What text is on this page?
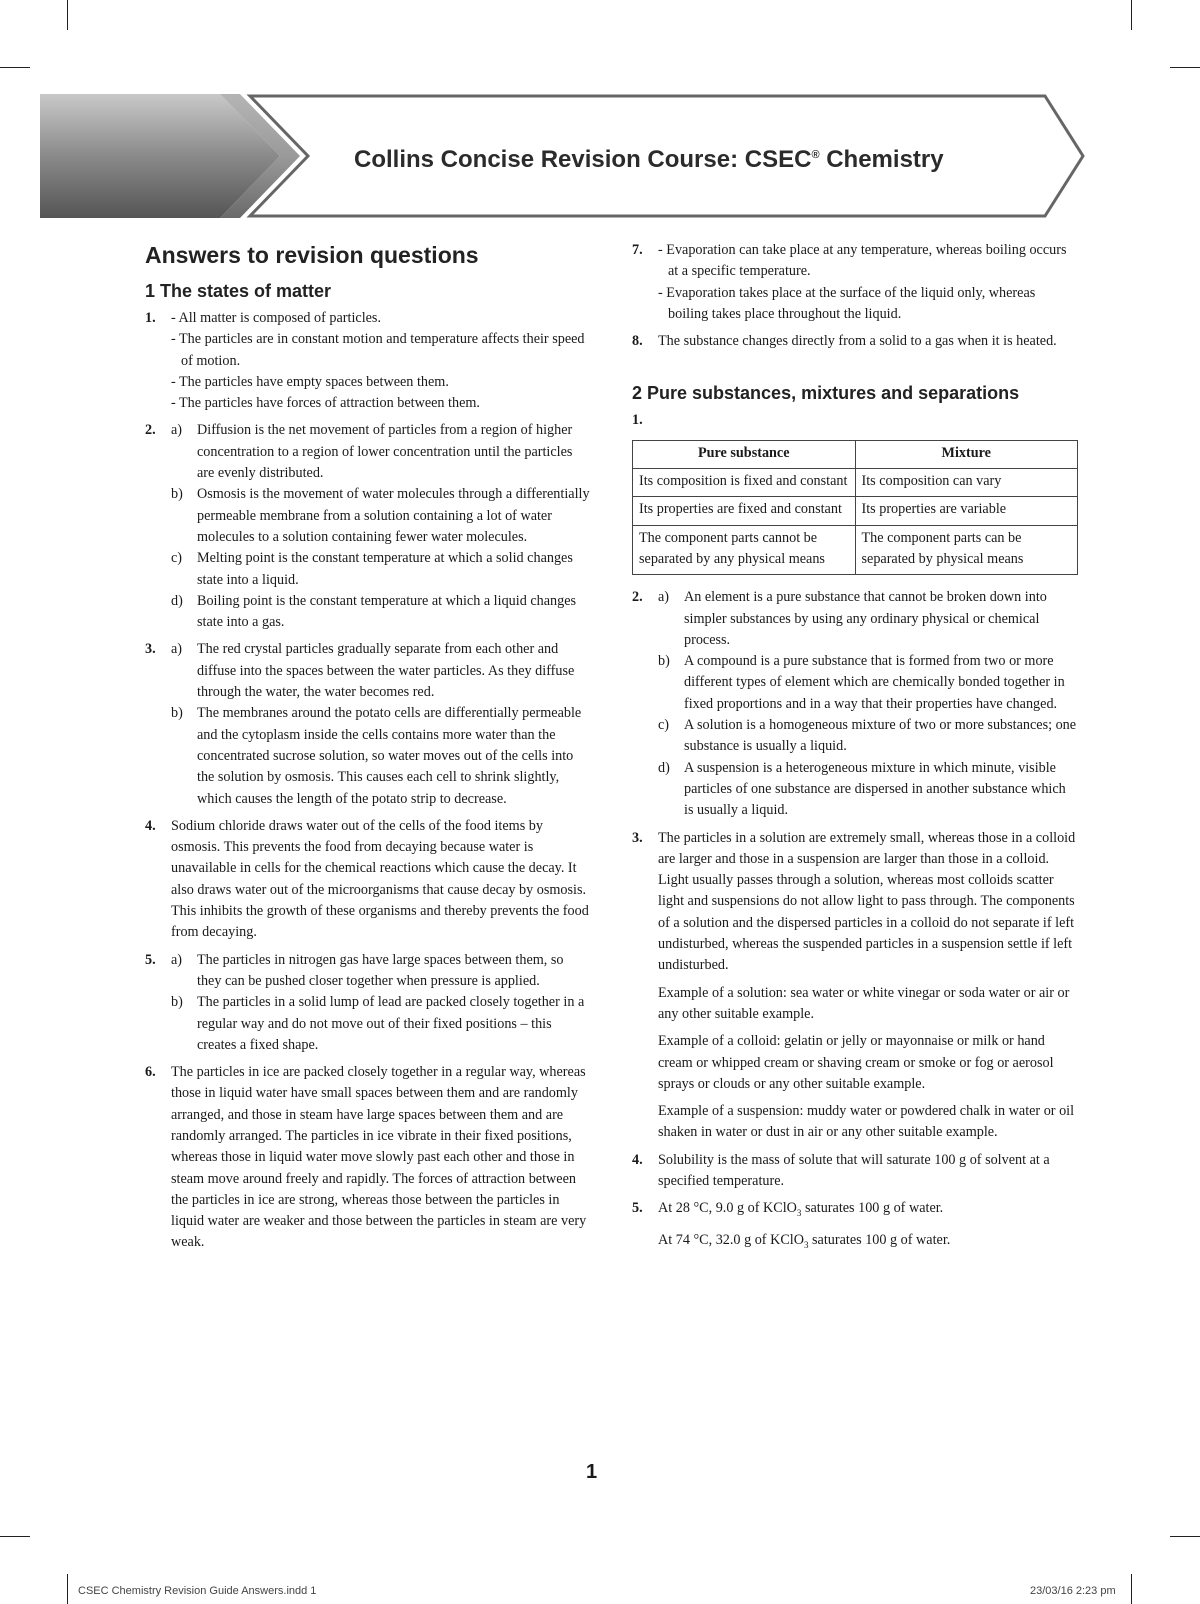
Collins Concise Revision Course: CSEC® Chemistry
Answers to revision questions
1 The states of matter
1. - All matter is composed of particles.
- The particles are in constant motion and temperature affects their speed of motion.
- The particles have empty spaces between them.
- The particles have forces of attraction between them.
2. a) Diffusion is the net movement of particles from a region of higher concentration to a region of lower concentration until the particles are evenly distributed.
b) Osmosis is the movement of water molecules through a differentially permeable membrane from a solution containing a lot of water molecules to a solution containing fewer water molecules.
c) Melting point is the constant temperature at which a solid changes state into a liquid.
d) Boiling point is the constant temperature at which a liquid changes state into a gas.
3. a) The red crystal particles gradually separate from each other and diffuse into the spaces between the water particles. As they diffuse through the water, the water becomes red.
b) The membranes around the potato cells are differentially permeable and the cytoplasm inside the cells contains more water than the concentrated sucrose solution, so water moves out of the cells into the solution by osmosis. This causes each cell to shrink slightly, which causes the length of the potato strip to decrease.
4. Sodium chloride draws water out of the cells of the food items by osmosis. This prevents the food from decaying because water is unavailable in cells for the chemical reactions which cause the decay. It also draws water out of the microorganisms that cause decay by osmosis. This inhibits the growth of these organisms and thereby prevents the food from decaying.
5. a) The particles in nitrogen gas have large spaces between them, so they can be pushed closer together when pressure is applied.
b) The particles in a solid lump of lead are packed closely together in a regular way and do not move out of their fixed positions – this creates a fixed shape.
6. The particles in ice are packed closely together in a regular way, whereas those in liquid water have small spaces between them and are randomly arranged, and those in steam have large spaces between them and are randomly arranged. The particles in ice vibrate in their fixed positions, whereas those in liquid water move slowly past each other and those in steam move around freely and rapidly. The forces of attraction between the particles in ice are strong, whereas those between the particles in liquid water are weaker and those between the particles in steam are very weak.
7. - Evaporation can take place at any temperature, whereas boiling occurs at a specific temperature.
- Evaporation takes place at the surface of the liquid only, whereas boiling takes place throughout the liquid.
8. The substance changes directly from a solid to a gas when it is heated.
2 Pure substances, mixtures and separations
1.
Pure substance	Mixture
Its composition is fixed and constant	Its composition can vary
Its properties are fixed and constant	Its properties are variable
The component parts cannot be separated by any physical means	The component parts can be separated by physical means
2. a) An element is a pure substance that cannot be broken down into simpler substances by using any ordinary physical or chemical process.
b) A compound is a pure substance that is formed from two or more different types of element which are chemically bonded together in fixed proportions and in a way that their properties have changed.
c) A solution is a homogeneous mixture of two or more substances; one substance is usually a liquid.
d) A suspension is a heterogeneous mixture in which minute, visible particles of one substance are dispersed in another substance which is usually a liquid.
3. The particles in a solution are extremely small, whereas those in a colloid are larger and those in a suspension are larger than those in a colloid. Light usually passes through a solution, whereas most colloids scatter light and suspensions do not allow light to pass through. The components of a solution and the dispersed particles in a colloid do not separate if left undisturbed, whereas the suspended particles in a suspension settle if left undisturbed.
Example of a solution: sea water or white vinegar or soda water or air or any other suitable example.
Example of a colloid: gelatin or jelly or mayonnaise or milk or hand cream or whipped cream or shaving cream or smoke or fog or aerosol sprays or clouds or any other suitable example.
Example of a suspension: muddy water or powdered chalk in water or oil shaken in water or dust in air or any other suitable example.
4. Solubility is the mass of solute that will saturate 100 g of solvent at a specified temperature.
5. At 28 °C, 9.0 g of KClO$_3$ saturates 100 g of water.
At 74 °C, 32.0 g of KClO$_3$ saturates 100 g of water.
1
CSEC Chemistry Revision Guide Answers.indd 1	23/03/16 2:23 pm
